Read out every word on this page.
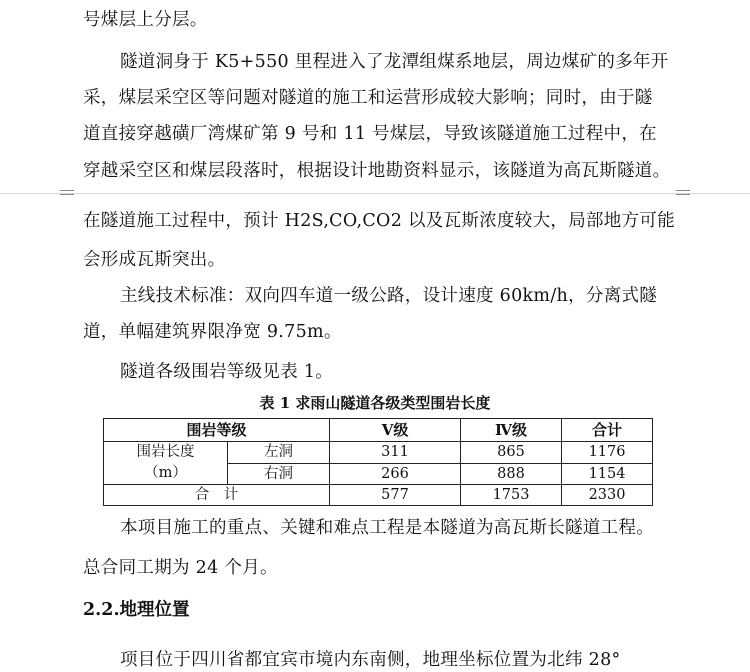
号煤层上分层。
隧道洞身于 K5+550 里程进入了龙潭组煤系地层，周边煤矿的多年开
采，煤层采空区等问题对隧道的施工和运营形成较大影响；同时，由于隧
道直接穿越磺厂湾煤矿第 9 号和 11 号煤层，导致该隧道施工过程中，在
穿越采空区和煤层段落时，根据设计地勘资料显示，该隧道为高瓦斯隧道。
在隧道施工过程中，预计 H2S,CO,CO2 以及瓦斯浓度较大，局部地方可能
会形成瓦斯突出。
主线技术标准：双向四车道一级公路，设计速度 60km/h，分离式隧
道，单幅建筑界限净宽 9.75m。
隧道各级围岩等级见表 1。
表 1 求雨山隧道各级类型围岩长度
围岩等级		Ⅴ级	Ⅳ级	合计

围岩长度
（m）	左洞	311	865	1176
	右洞	266	888	1154
合　计		577	1753	2330
本项目施工的重点、关键和难点工程是本隧道为高瓦斯长隧道工程。
总合同工期为 24 个月。
2.2.地理位置
项目位于四川省都宜宾市境内东南侧，地理坐标位置为北纬 28°
